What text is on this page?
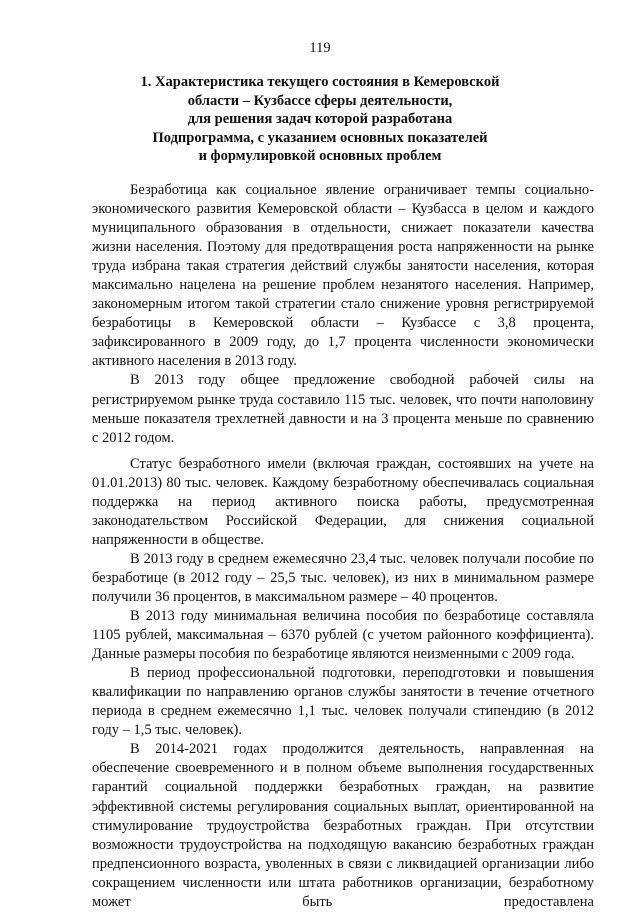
119
1. Характеристика текущего состояния в Кемеровской
области – Кузбассе сферы деятельности,
для решения задач которой разработана
Подпрограмма, с указанием основных показателей
и формулировкой основных проблем

Безработица как социальное явление ограничивает темпы социально-экономического развития Кемеровской области – Кузбасса в целом и каждого муниципального образования в отдельности, снижает показатели качества жизни населения. Поэтому для предотвращения роста напряженности на рынке труда избрана такая стратегия действий службы занятости населения, которая максимально нацелена на решение проблем незанятого населения. Например, закономерным итогом такой стратегии стало снижение уровня регистрируемой безработицы в Кемеровской области – Кузбассе с 3,8 процента, зафиксированного в 2009 году, до 1,7 процента численности экономически активного населения в 2013 году.

В 2013 году общее предложение свободной рабочей силы на регистрируемом рынке труда составило 115 тыс. человек, что почти наполовину меньше показателя трехлетней давности и на 3 процента меньше по сравнению с 2012 годом.

Статус безработного имели (включая граждан, состоявших на учете на 01.01.2013) 80 тыс. человек. Каждому безработному обеспечивалась социальная поддержка на период активного поиска работы, предусмотренная законодательством Российской Федерации, для снижения социальной напряженности в обществе.

В 2013 году в среднем ежемесячно 23,4 тыс. человек получали пособие по безработице (в 2012 году – 25,5 тыс. человек), из них в минимальном размере получили 36 процентов, в максимальном размере – 40 процентов.

В 2013 году минимальная величина пособия по безработице составляла 1105 рублей, максимальная – 6370 рублей (с учетом районного коэффициента). Данные размеры пособия по безработице являются неизменными с 2009 года.

В период профессиональной подготовки, переподготовки и повышения квалификации по направлению органов службы занятости в течение отчетного периода в среднем ежемесячно 1,1 тыс. человек получали стипендию (в 2012 году – 1,5 тыс. человек).

В 2014-2021 годах продолжится деятельность, направленная на обеспечение своевременного и в полном объеме выполнения государственных гарантий социальной поддержки безработных граждан, на развитие эффективной системы регулирования социальных выплат, ориентированной на стимулирование трудоустройства безработных граждан. При отсутствии возможности трудоустройства на подходящую вакансию безработных граждан предпенсионного возраста, уволенных в связи с ликвидацией организации либо сокращением численности или штата работников организации, безработному может быть предоставлена
